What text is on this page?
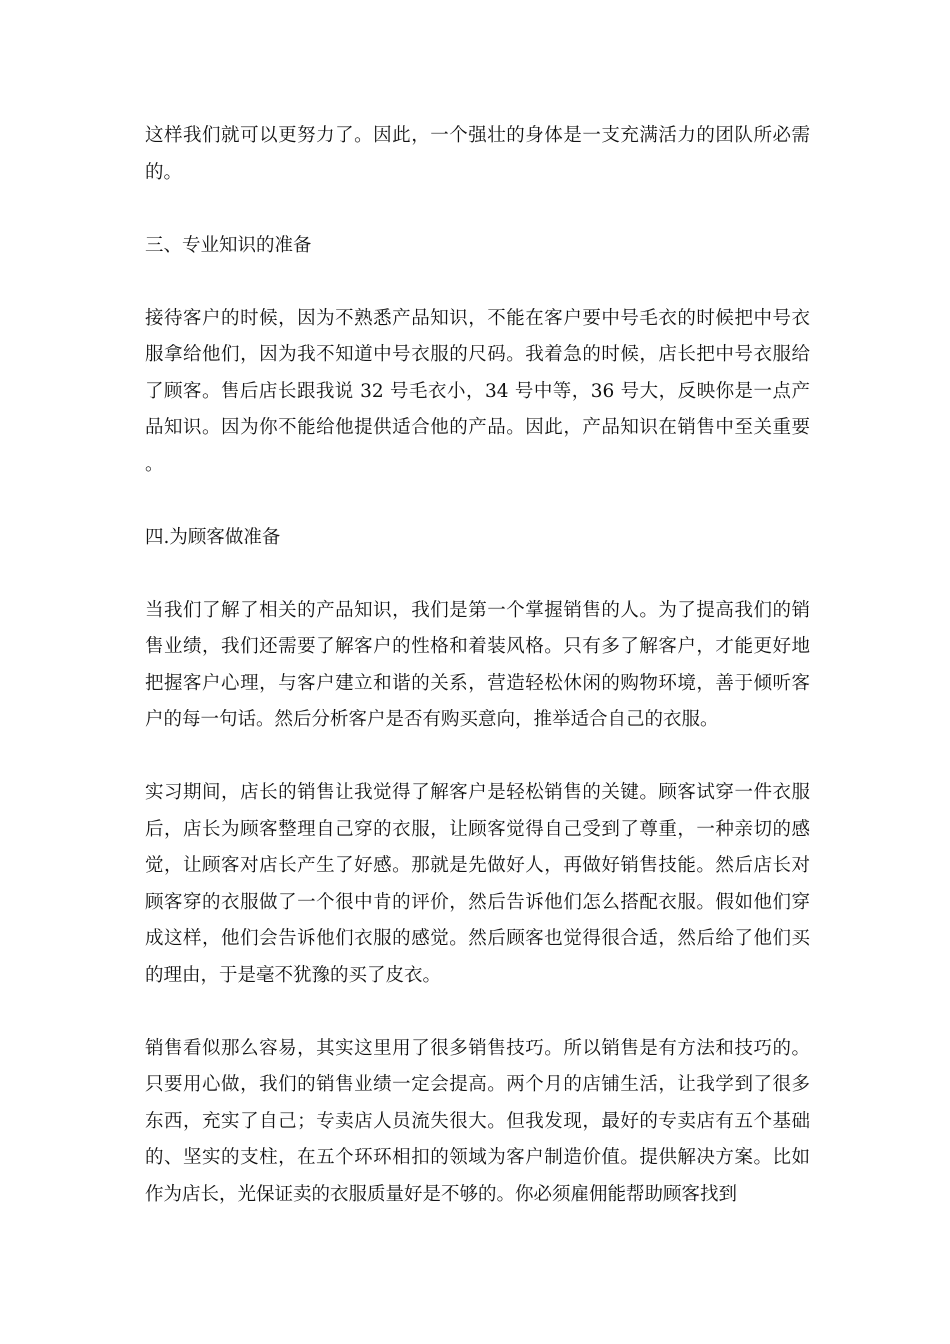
这样我们就可以更努力了。因此，一个强壮的身体是一支充满活力的团队所必需的。

三、专业知识的准备

接待客户的时候，因为不熟悉产品知识，不能在客户要中号毛衣的时候把中号衣服拿给他们，因为我不知道中号衣服的尺码。我着急的时候，店长把中号衣服给了顾客。售后店长跟我说 32 号毛衣小，34 号中等，36 号大，反映你是一点产品知识。因为你不能给他提供适合他的产品。因此，产品知识在销售中至关重要。

四.为顾客做准备

当我们了解了相关的产品知识，我们是第一个掌握销售的人。为了提高我们的销售业绩，我们还需要了解客户的性格和着装风格。只有多了解客户，才能更好地把握客户心理，与客户建立和谐的关系，营造轻松休闲的购物环境，善于倾听客户的每一句话。然后分析客户是否有购买意向，推举适合自己的衣服。

实习期间，店长的销售让我觉得了解客户是轻松销售的关键。顾客试穿一件衣服后，店长为顾客整理自己穿的衣服，让顾客觉得自己受到了尊重，一种亲切的感觉，让顾客对店长产生了好感。那就是先做好人，再做好销售技能。然后店长对顾客穿的衣服做了一个很中肯的评价，然后告诉他们怎么搭配衣服。假如他们穿成这样，他们会告诉他们衣服的感觉。然后顾客也觉得很合适，然后给了他们买的理由，于是毫不犹豫的买了皮衣。

销售看似那么容易，其实这里用了很多销售技巧。所以销售是有方法和技巧的。只要用心做，我们的销售业绩一定会提高。两个月的店铺生活，让我学到了很多东西，充实了自己；专卖店人员流失很大。但我发现，最好的专卖店有五个基础的、坚实的支柱，在五个环环相扣的领域为客户制造价值。提供解决方案。比如作为店长，光保证卖的衣服质量好是不够的。你必须雇佣能帮助顾客找到
